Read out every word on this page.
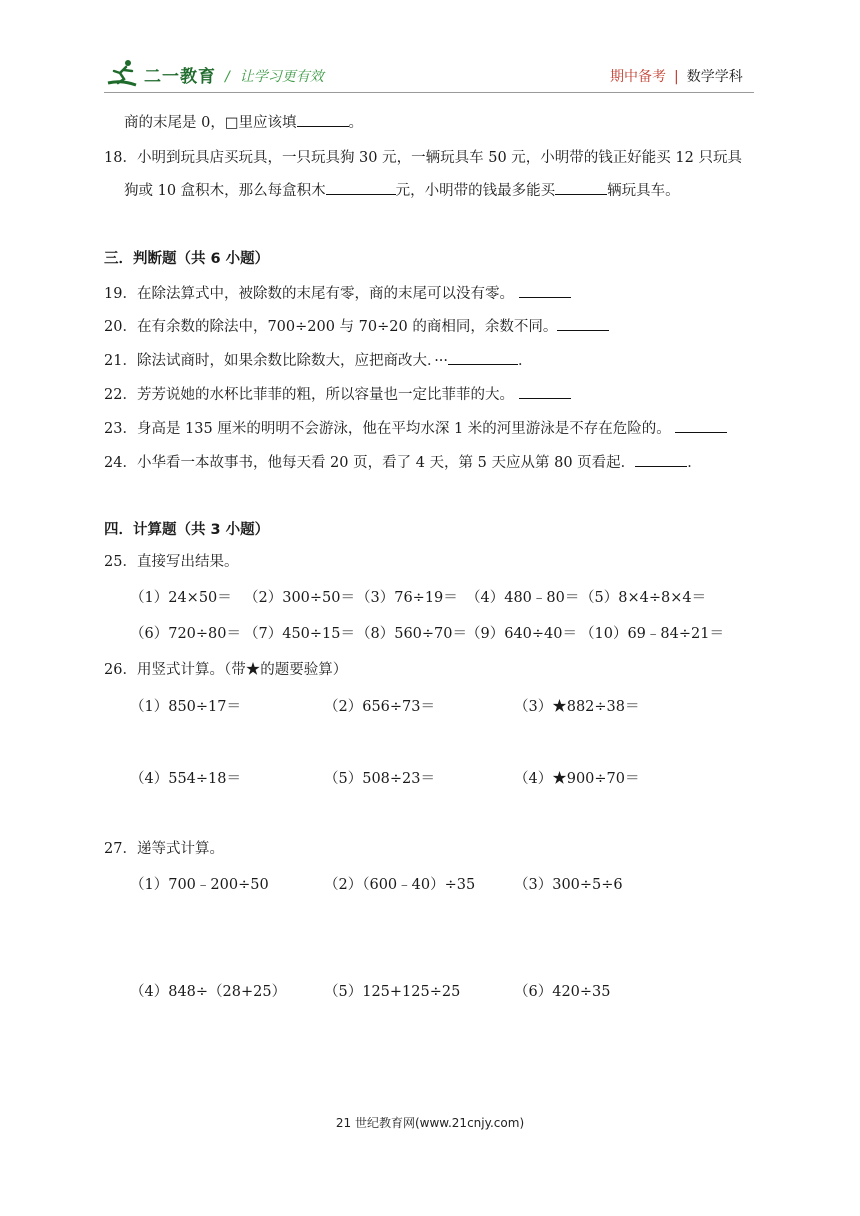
二一教育 / 让学习更有效	期中备考 | 数学学科
商的末尾是 0，□里应该填	。
18．小明到玩具店买玩具，一只玩具狗 30 元，一辆玩具车 50 元，小明带的钱正好能买 12 只玩具
狗或 10 盒积木，那么每盒积木	元，小明带的钱最多能买	辆玩具车。
三．判断题（共 6 小题）
19．在除法算式中，被除数的末尾有零，商的末尾可以没有零。
20．在有余数的除法中，700÷200 与 70÷20 的商相同，余数不同。
21．除法试商时，如果余数比除数大，应把商改大．···	．
22．芳芳说她的水杯比菲菲的粗，所以容量也一定比菲菲的大。
23．身高是 135 厘米的明明不会游泳，他在平均水深 1 米的河里游泳是不存在危险的。
24．小华看一本故事书，他每天看 20 页，看了 4 天，第 5 天应从第 80 页看起．	．
四．计算题（共 3 小题）
25．直接写出结果。
（1）24×50＝ （2）300÷50＝ （3）76÷19＝ （4）480﹣80＝ （5）8×4÷8×4＝
（6）720÷80＝ （7）450÷15＝ （8）560÷70＝
（9）640÷40＝ （10）69﹣84÷21＝
26．用竖式计算。（带★的题要验算）
（1）850÷17＝	（2）656÷73＝	（3）★882÷38＝
（4）554÷18＝	（5）508÷23＝	（4）★900÷70＝
27．递等式计算。
（1）700﹣200÷50	（2）（600﹣40）÷35	（3）300÷5÷6
（4）848÷（28+25）	（5）125+125÷25	（6）420÷35
21 世纪教育网(www.21cnjy.com)
